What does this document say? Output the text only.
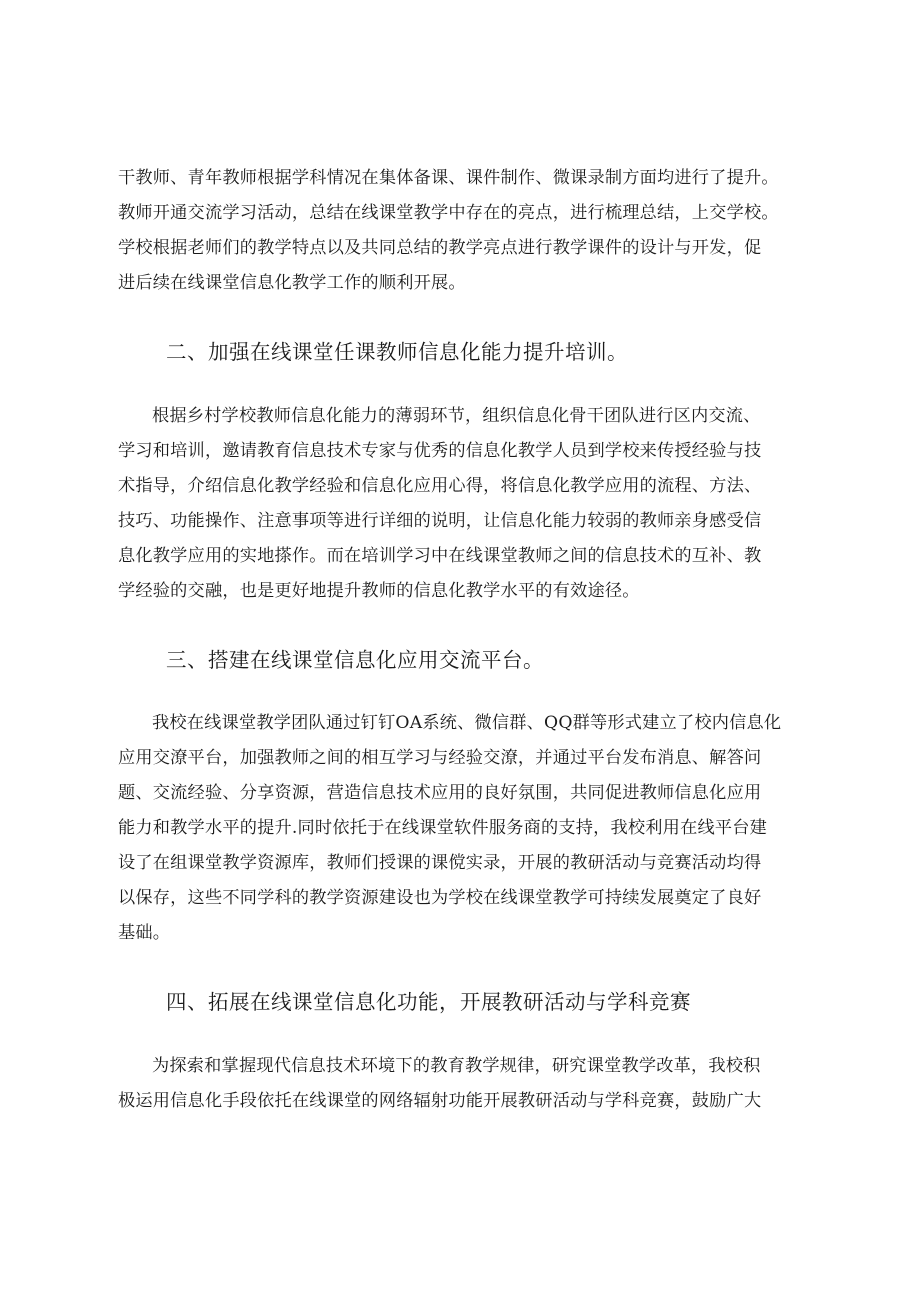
干教师、青年教师根据学科情况在集体备课、课件制作、微课录制方面均进行了提升。
教师开通交流学习活动，总结在线课堂教学中存在的亮点，进行梳理总结，上交学校。
学校根据老师们的教学特点以及共同总结的教学亮点进行教学课件的设计与开发，促
进后续在线课堂信息化教学工作的顺利开展。
二、加强在线课堂任课教师信息化能力提升培训。
根据乡村学校教师信息化能力的薄弱环节，组织信息化骨干团队进行区内交流、
学习和培训，邀请教育信息技术专家与优秀的信息化教学人员到学校来传授经验与技
术指导，介绍信息化教学经验和信息化应用心得，将信息化教学应用的流程、方法、
技巧、功能操作、注意事项等进行详细的说明，让信息化能力较弱的教师亲身感受信
息化教学应用的实地搽作。而在培训学习中在线课堂教师之间的信息技术的互补、教
学经验的交融，也是更好地提升教师的信息化教学水平的有效途径。
三、搭建在线课堂信息化应用交流平台。
我校在线课堂教学团队通过钉钉OA系统、微信群、QQ群等形式建立了校内信息化
应用交潦平台，加强教师之间的相互学习与经验交潦，并通过平台发布消息、解答问
题、交流经验、分享资源，营造信息技术应用的良好氛围，共同促进教师信息化应用
能力和教学水平的提升.同时依托于在线课堂软件服务商的支持，我校利用在线平台建
设了在组课堂教学资源库，教师们授课的课傥实录，开展的教研活动与竞赛活动均得
以保存，这些不同学科的教学资源建设也为学校在线课堂教学可持续发展奠定了良好
基础。
四、拓展在线课堂信息化功能，开展教研活动与学科竞赛
为探索和掌握现代信息技术环境下的教育教学规律，研究课堂教学改革，我校积
极运用信息化手段依托在线课堂的网络辐射功能开展教研活动与学科竞赛，鼓励广大
